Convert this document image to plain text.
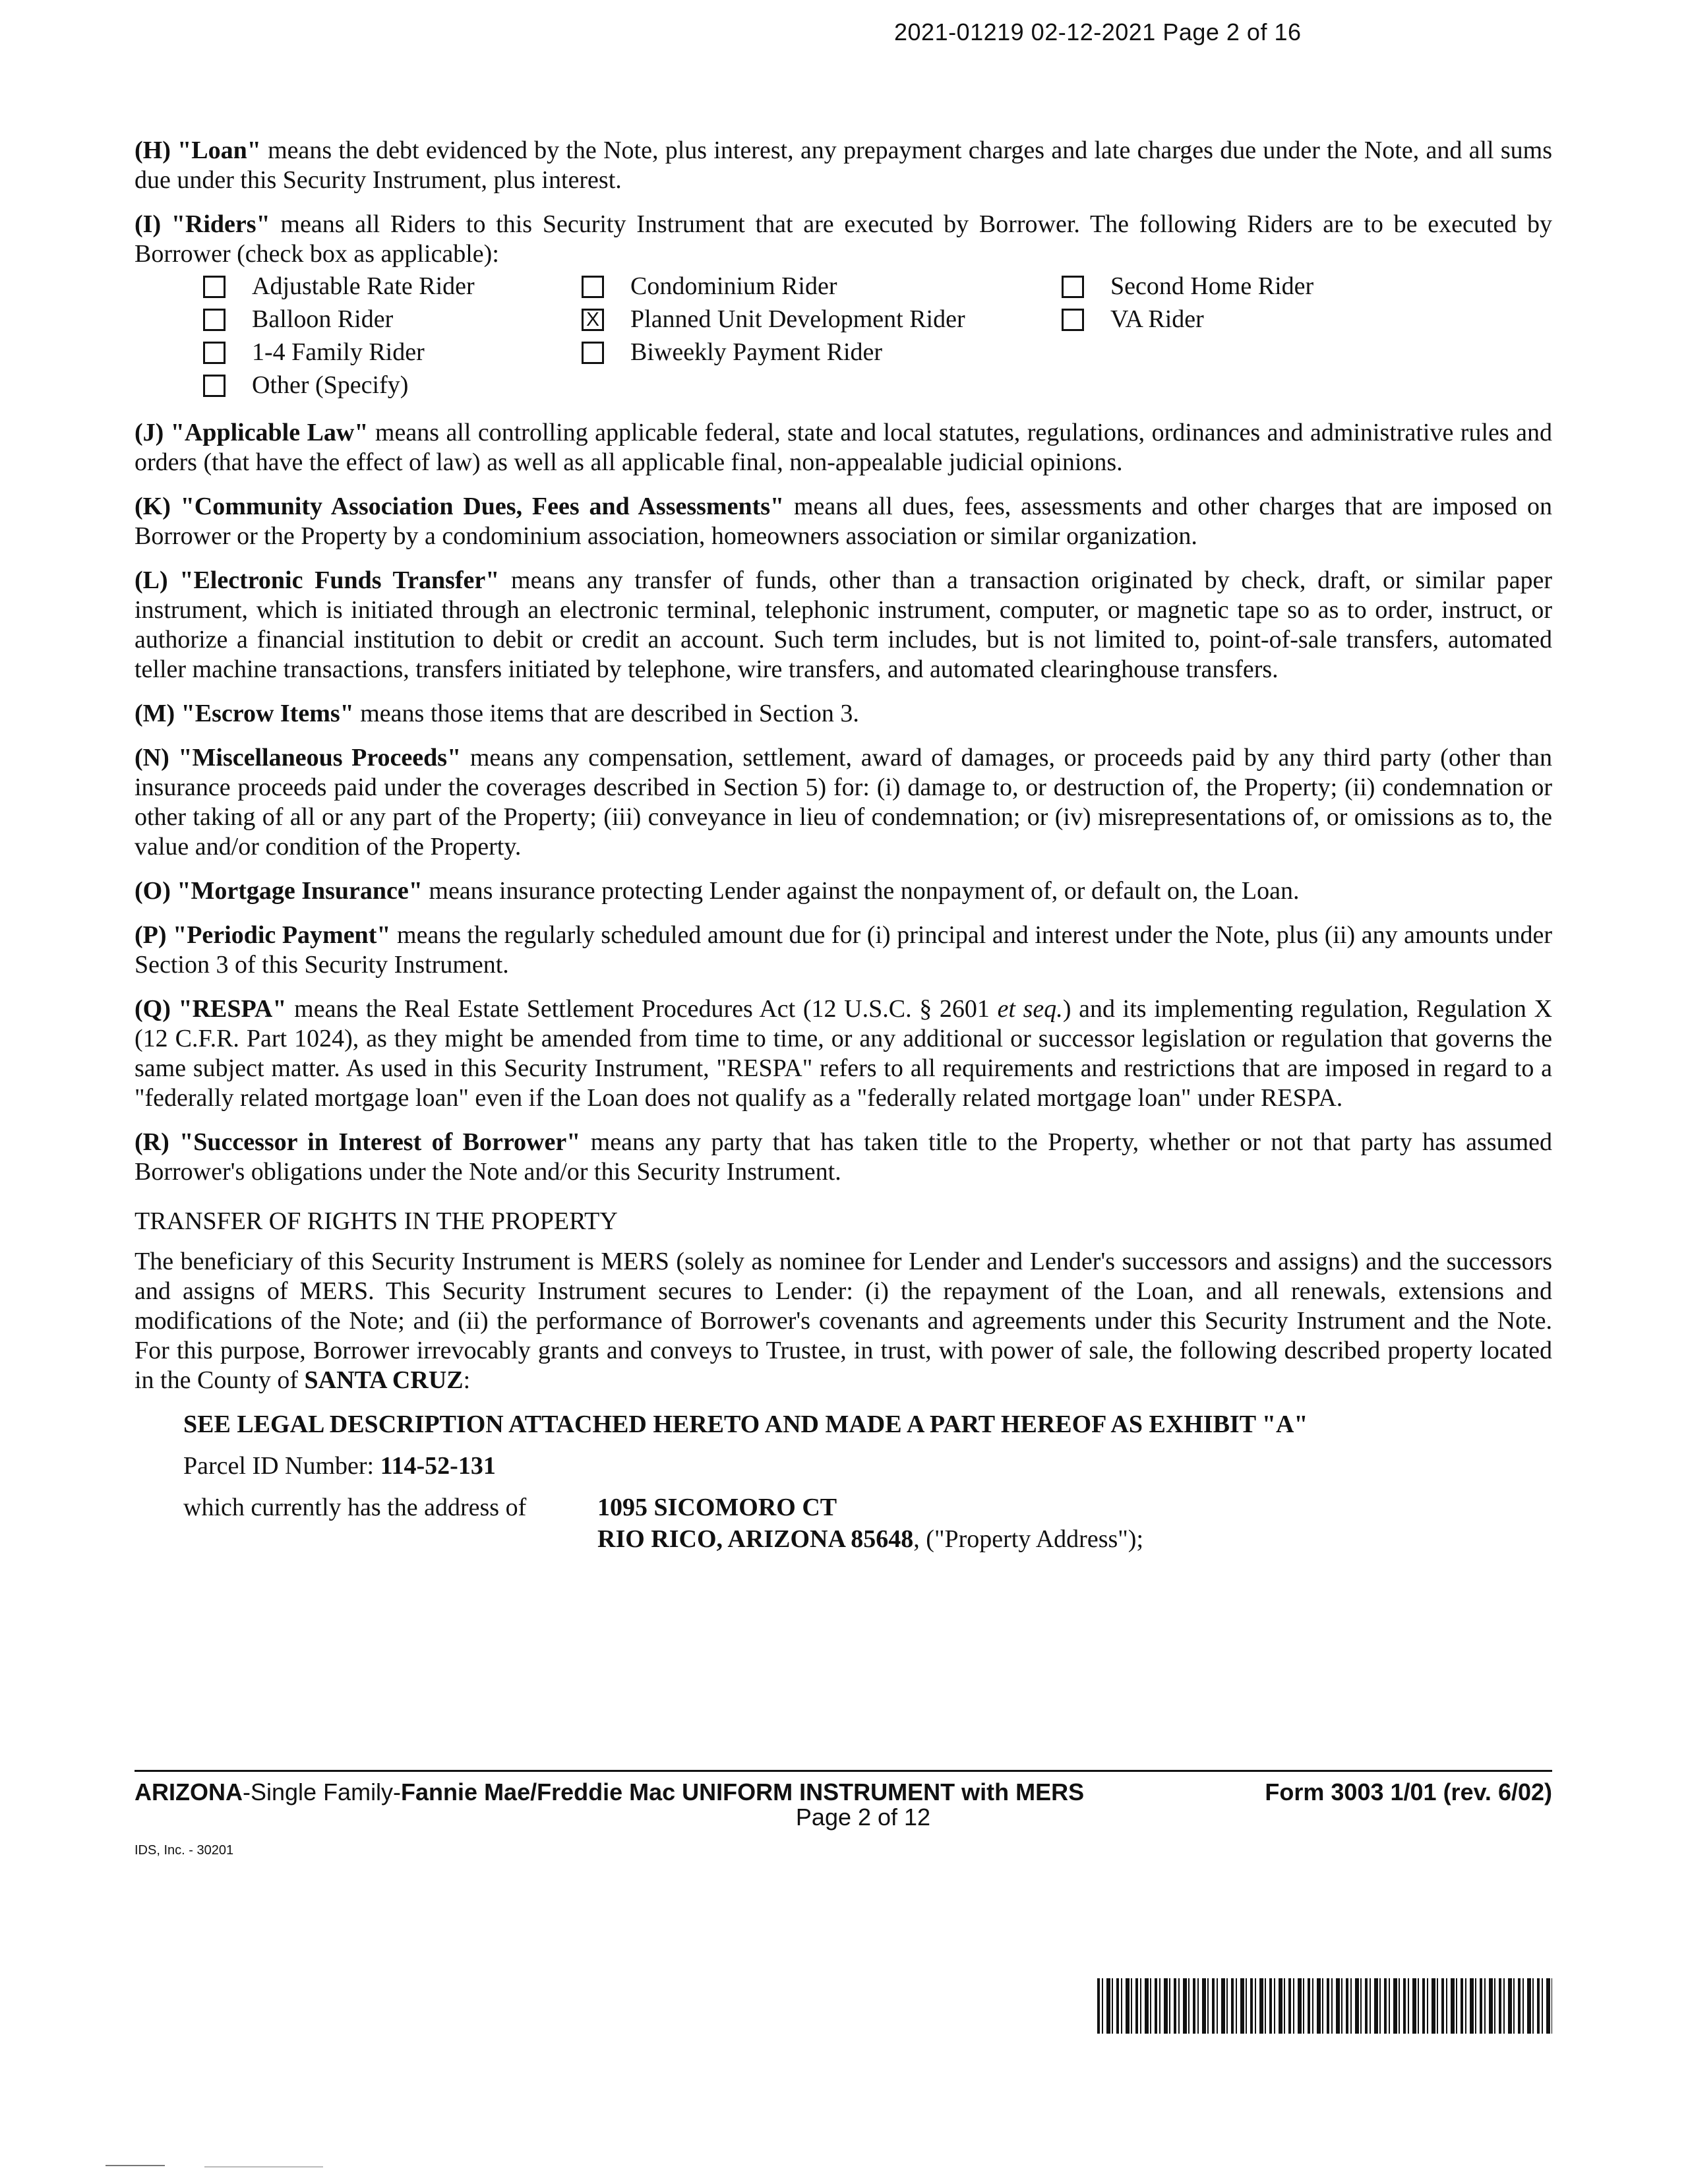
2021-01219 02-12-2021 Page 2 of 16

(H) "Loan" means the debt evidenced by the Note, plus interest, any prepayment charges and late charges due under the Note, and all sums due under this Security Instrument, plus interest.

(I) "Riders" means all Riders to this Security Instrument that are executed by Borrower. The following Riders are to be executed by Borrower (check box as applicable):

Adjustable Rate Rider
Balloon Rider
1-4 Family Rider
Other (Specify)
Condominium Rider
X Planned Unit Development Rider
Biweekly Payment Rider
Second Home Rider
VA Rider

(J) "Applicable Law" means all controlling applicable federal, state and local statutes, regulations, ordinances and administrative rules and orders (that have the effect of law) as well as all applicable final, non-appealable judicial opinions.

(K) "Community Association Dues, Fees and Assessments" means all dues, fees, assessments and other charges that are imposed on Borrower or the Property by a condominium association, homeowners association or similar organization.

(L) "Electronic Funds Transfer" means any transfer of funds, other than a transaction originated by check, draft, or similar paper instrument, which is initiated through an electronic terminal, telephonic instrument, computer, or magnetic tape so as to order, instruct, or authorize a financial institution to debit or credit an account. Such term includes, but is not limited to, point-of-sale transfers, automated teller machine transactions, transfers initiated by telephone, wire transfers, and automated clearinghouse transfers.

(M) "Escrow Items" means those items that are described in Section 3.

(N) "Miscellaneous Proceeds" means any compensation, settlement, award of damages, or proceeds paid by any third party (other than insurance proceeds paid under the coverages described in Section 5) for: (i) damage to, or destruction of, the Property; (ii) condemnation or other taking of all or any part of the Property; (iii) conveyance in lieu of condemnation; or (iv) misrepresentations of, or omissions as to, the value and/or condition of the Property.

(O) "Mortgage Insurance" means insurance protecting Lender against the nonpayment of, or default on, the Loan.

(P) "Periodic Payment" means the regularly scheduled amount due for (i) principal and interest under the Note, plus (ii) any amounts under Section 3 of this Security Instrument.

(Q) "RESPA" means the Real Estate Settlement Procedures Act (12 U.S.C. § 2601 et seq.) and its implementing regulation, Regulation X (12 C.F.R. Part 1024), as they might be amended from time to time, or any additional or successor legislation or regulation that governs the same subject matter. As used in this Security Instrument, "RESPA" refers to all requirements and restrictions that are imposed in regard to a "federally related mortgage loan" even if the Loan does not qualify as a "federally related mortgage loan" under RESPA.

(R) "Successor in Interest of Borrower" means any party that has taken title to the Property, whether or not that party has assumed Borrower's obligations under the Note and/or this Security Instrument.

TRANSFER OF RIGHTS IN THE PROPERTY

The beneficiary of this Security Instrument is MERS (solely as nominee for Lender and Lender's successors and assigns) and the successors and assigns of MERS. This Security Instrument secures to Lender: (i) the repayment of the Loan, and all renewals, extensions and modifications of the Note; and (ii) the performance of Borrower's covenants and agreements under this Security Instrument and the Note. For this purpose, Borrower irrevocably grants and conveys to Trustee, in trust, with power of sale, the following described property located in the County of SANTA CRUZ:

SEE LEGAL DESCRIPTION ATTACHED HERETO AND MADE A PART HEREOF AS EXHIBIT "A"
Parcel ID Number: 114-52-131
which currently has the address of	1095 SICOMORO CT
RIO RICO, ARIZONA 85648, ("Property Address");
ARIZONA-Single Family-Fannie Mae/Freddie Mac UNIFORM INSTRUMENT with MERS	Form 3003 1/01 (rev. 6/02)
Page 2 of 12
IDS, Inc. - 30201
